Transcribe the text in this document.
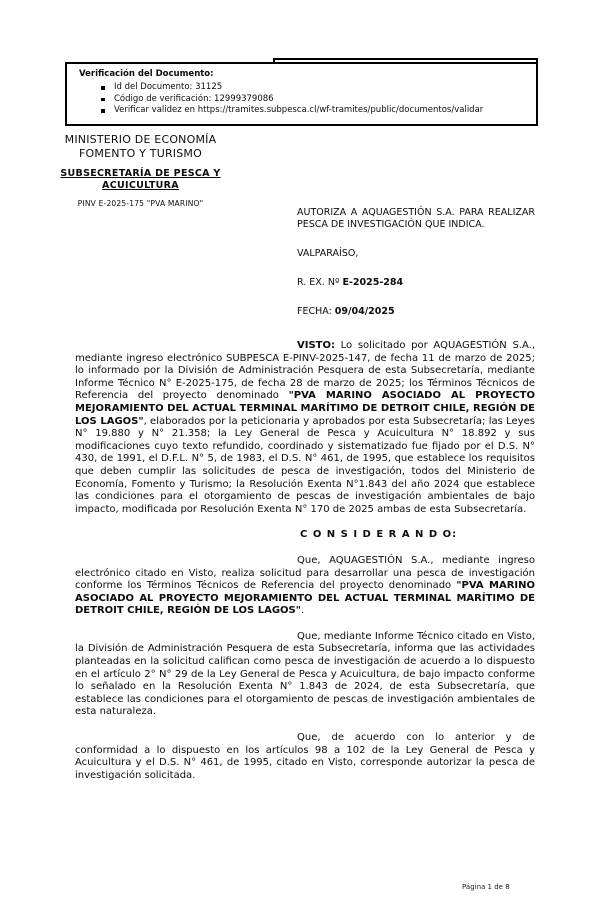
Verificación del Documento:
Id del Documento: 31125
Código de verificación: 12999379086
Verificar validez en https://tramites.subpesca.cl/wf-tramites/public/documentos/validar
MINISTERIO DE ECONOMÍA
FOMENTO Y TURISMO
SUBSECRETARÍA DE PESCA Y ACUICULTURA
PINV E-2025-175 "PVA MARINO"
AUTORIZA A AQUAGESTIÓN S.A. PARA REALIZAR PESCA DE INVESTIGACIÓN QUE INDICA.
VALPARAÍSO,
R. EX. Nº E-2025-284
FECHA: 09/04/2025

VISTO: Lo solicitado por AQUAGESTIÓN S.A., mediante ingreso electrónico SUBPESCA E-PINV-2025-147, de fecha 11 de marzo de 2025; lo informado por la División de Administración Pesquera de esta Subsecretaría, mediante Informe Técnico N° E-2025-175, de fecha 28 de marzo de 2025; los Términos Técnicos de Referencia del proyecto denominado "PVA MARINO ASOCIADO AL PROYECTO MEJORAMIENTO DEL ACTUAL TERMINAL MARÍTIMO DE DETROIT CHILE, REGIÓN DE LOS LAGOS", elaborados por la peticionaria y aprobados por esta Subsecretaría; las Leyes N° 19.880 y N° 21.358; la Ley General de Pesca y Acuicultura N° 18.892 y sus modificaciones cuyo texto refundido, coordinado y sistematizado fue fijado por el D.S. N° 430, de 1991, el D.F.L. N° 5, de 1983, el D.S. N° 461, de 1995, que establece los requisitos que deben cumplir las solicitudes de pesca de investigación, todos del Ministerio de Economía, Fomento y Turismo; la Resolución Exenta N°1.843 del año 2024 que establece las condiciones para el otorgamiento de pescas de investigación ambientales de bajo impacto, modificada por Resolución Exenta N° 170 de 2025 ambas de esta Subsecretaría.

C O N S I D E R A N D O:

Que, AQUAGESTIÓN S.A., mediante ingreso electrónico citado en Visto, realiza solicitud para desarrollar una pesca de investigación conforme los Términos Técnicos de Referencia del proyecto denominado "PVA MARINO ASOCIADO AL PROYECTO MEJORAMIENTO DEL ACTUAL TERMINAL MARÍTIMO DE DETROIT CHILE, REGIÓN DE LOS LAGOS".

Que, mediante Informe Técnico citado en Visto, la División de Administración Pesquera de esta Subsecretaría, informa que las actividades planteadas en la solicitud califican como pesca de investigación de acuerdo a lo dispuesto en el artículo 2° N° 29 de la Ley General de Pesca y Acuicultura, de bajo impacto conforme lo señalado en la Resolución Exenta N° 1.843 de 2024, de esta Subsecretaría, que establece las condiciones para el otorgamiento de pescas de investigación ambientales de esta naturaleza.

Que, de acuerdo con lo anterior y de conformidad a lo dispuesto en los artículos 98 a 102 de la Ley General de Pesca y Acuicultura y el D.S. N° 461, de 1995, citado en Visto, corresponde autorizar la pesca de investigación solicitada.

Página 1 de 8
